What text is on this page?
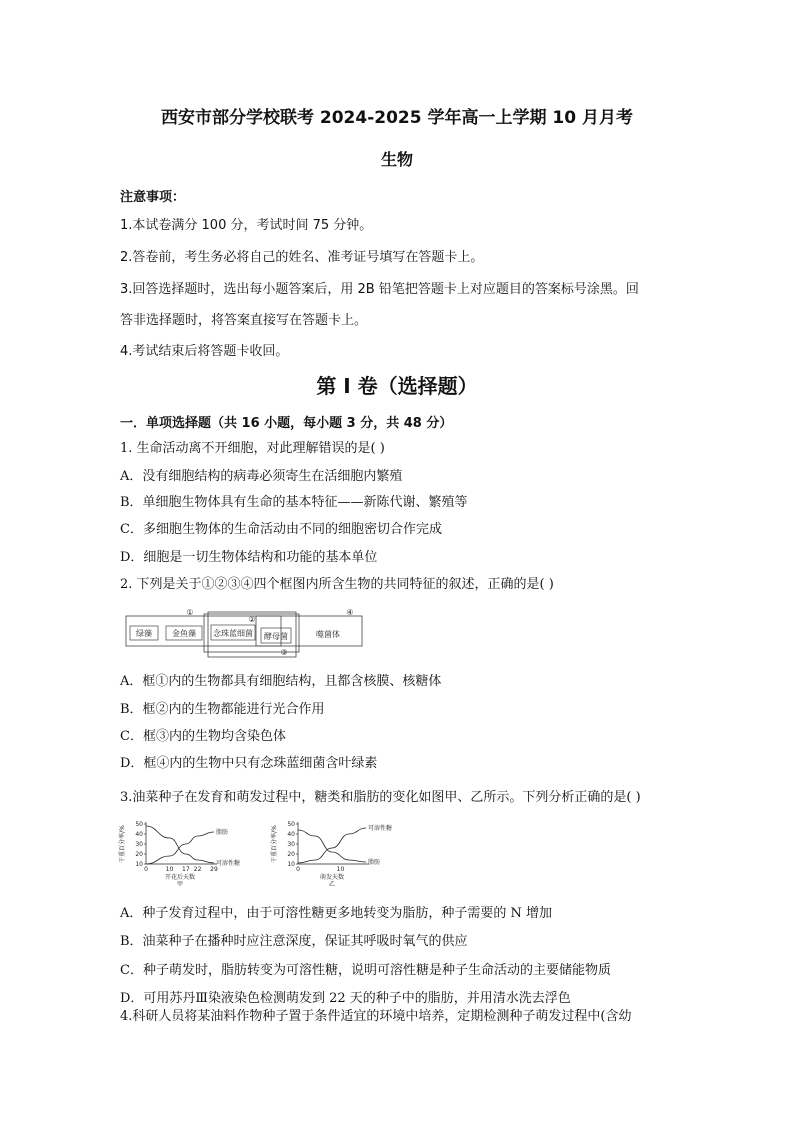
西安市部分学校联考 2024-2025 学年高一上学期 10 月月考
生物
注意事项：
1.本试卷满分 100 分，考试时间 75 分钟。
2.答卷前，考生务必将自己的姓名、准考证号填写在答题卡上。
3.回答选择题时，选出每小题答案后，用 2B 铅笔把答题卡上对应题目的答案标号涂黑。回
答非选择题时，将答案直接写在答题卡上。
4.考试结束后将答题卡收回。
第 I 卷（选择题）
一．单项选择题（共 16 小题，每小题 3 分，共 48 分）
1. 生命活动离不开细胞，对此理解错误的是( )
A．没有细胞结构的病毒必须寄生在活细胞内繁殖
B．单细胞生物体具有生命的基本特征——新陈代谢、繁殖等
C．多细胞生物体的生命活动由不同的细胞密切合作完成
D．细胞是一切生物体结构和功能的基本单位
2. 下列是关于①②③④四个框图内所含生物的共同特征的叙述，正确的是( )
绿藻	金鱼藻 念珠蓝细菌 酵母菌	噬菌体
①
②
③
④
A．框①内的生物都具有细胞结构，且都含核膜、核糖体
B．框②内的生物都能进行光合作用
C．框③内的生物均含染色体
D．框④内的生物中只有念珠蓝细菌含叶绿素
3.油菜种子在发育和萌发过程中，糖类和脂肪的变化如图甲、乙所示。下列分析正确的是( )
10
20
30
40
50
0	10 17 22 29
干重百分率/%
开花后天数
甲
脂肪
可溶性糖	10
20
30
40
50
0	10
干重百分率/%
萌发天数
乙
可溶性糖
脂肪
A．种子发育过程中，由于可溶性糖更多地转变为脂肪，种子需要的 N 增加
B．油菜种子在播种时应注意深度，保证其呼吸时氧气的供应
C．种子萌发时，脂肪转变为可溶性糖，说明可溶性糖是种子生命活动的主要储能物质
D．可用苏丹Ⅲ染液染色检测萌发到 22 天的种子中的脂肪，并用清水洗去浮色
4.科研人员将某油料作物种子置于条件适宜的环境中培养，定期检测种子萌发过程中(含幼
